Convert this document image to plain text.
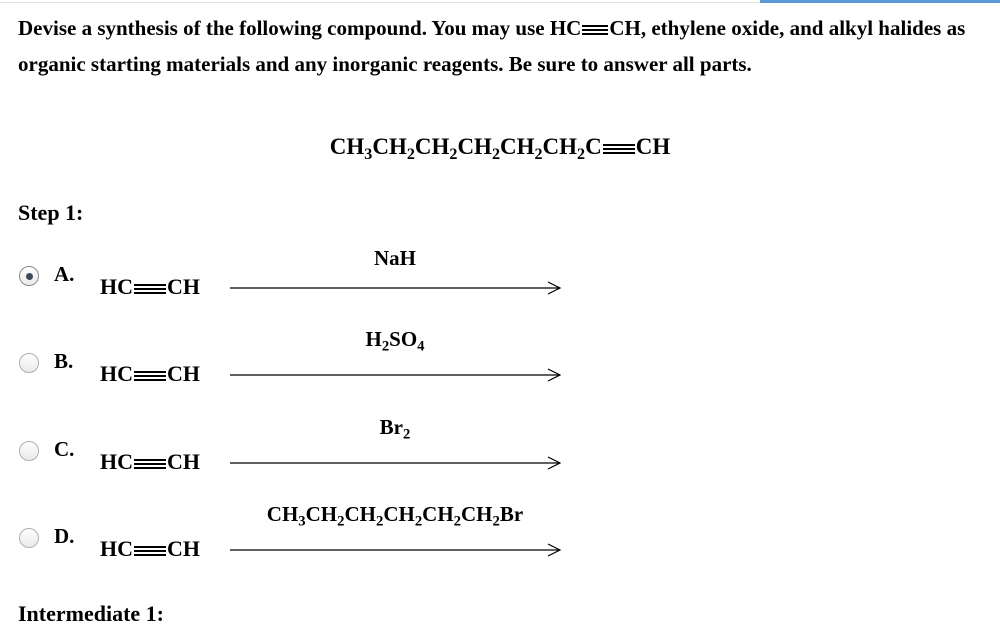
Devise a synthesis of the following compound. You may use HC CH, ethylene oxide, and alkyl halides as organic starting materials and any inorganic reagents. Be sure to answer all parts.
$CH_3CH_2CH_2CH_2CH_2CH_2C$ CH
Step 1:
A. HC CH
NaH
B. HC CH
$H_2SO_4$
C. HC CH
$Br_2$
D. HC CH
$CH_3CH_2CH_2CH_2CH_2CH_2Br$
Intermediate 1:
